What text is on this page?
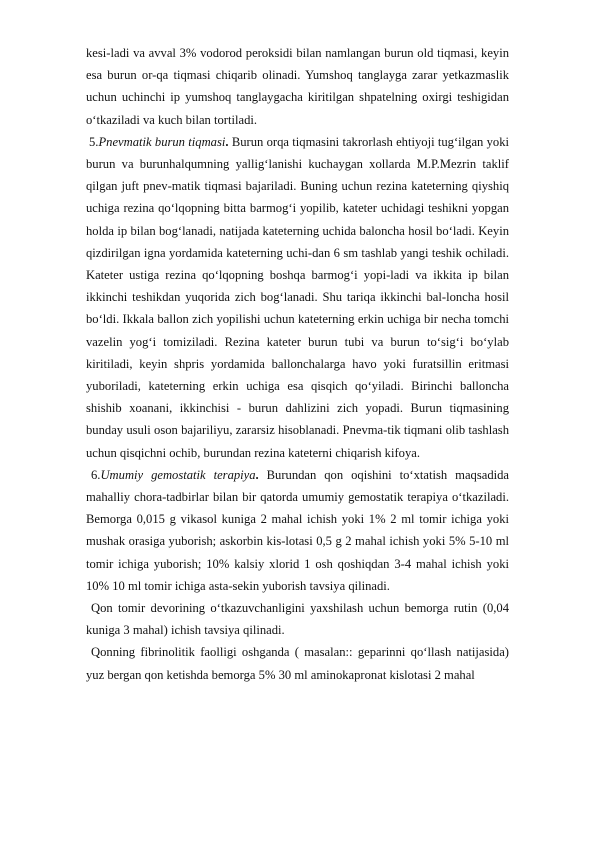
kesi-ladi va avval 3% vodorod peroksidi bilan namlangan burun old tiqmasi, keyin esa burun or-qa tiqmasi chiqarib olinadi. Yumshoq tanglayga zarar yetkazmaslik uchun uchinchi ip yumshoq tanglaygacha kiritilgan shpatelning oxirgi teshigidan o‘tkaziladi va kuch bilan tortiladi.

5.Pnevmatik burun tiqmasi. Burun orqa tiqmasini takrorlash ehtiyoji tug‘ilgan yoki burun va burunhalqumning yallig‘lanishi kuchaygan xollarda M.P.Mezrin taklif qilgan juft pnev-matik tiqmasi bajariladi. Buning uchun rezina kateterning qiyshiq uchiga rezina qo‘lqopning bitta barmog‘i yopilib, kateter uchidagi teshikni yopgan holda ip bilan bog‘lanadi, natijada kateterning uchida baloncha hosil bo‘ladi. Keyin qizdirilgan igna yordamida kateterning uchi-dan 6 sm tashlab yangi teshik ochiladi. Kateter ustiga rezina qo‘lqopning boshqa barmog‘i yopi-ladi va ikkita ip bilan ikkinchi teshikdan yuqorida zich bog‘lanadi. Shu tariqa ikkinchi bal-loncha hosil bo‘ldi. Ikkala ballon zich yopilishi uchun kateterning erkin uchiga bir necha tomchi vazelin yog‘i tomiziladi. Rezina kateter burun tubi va burun to‘sig‘i bo‘ylab kiritiladi, keyin shpris yordamida ballonchalarga havo yoki furatsillin eritmasi yuboriladi, kateterning erkin uchiga esa qisqich qo‘yiladi. Birinchi balloncha shishib xoanani, ikkinchisi - burun dahlizini zich yopadi. Burun tiqmasining bunday usuli oson bajariliyu, zararsiz hisoblanadi. Pnevma-tik tiqmani olib tashlash uchun qisqichni ochib, burundan rezina kateterni chiqarish kifoya.

6.Umumiy gemostatik terapiya. Burundan qon oqishini to‘xtatish maqsadida mahalliy chora-tadbirlar bilan bir qatorda umumiy gemostatik terapiya o‘tkaziladi. Bemorga 0,015 g vikasol kuniga 2 mahal ichish yoki 1% 2 ml tomir ichiga yoki mushak orasiga yuborish; askorbin kis-lotasi 0,5 g 2 mahal ichish yoki 5% 5-10 ml tomir ichiga yuborish; 10% kalsiy xlorid 1 osh qoshiqdan 3-4 mahal ichish yoki 10% 10 ml tomir ichiga asta-sekin yuborish tavsiya qilinadi.

Qon tomir devorining o‘tkazuvchanligini yaxshilash uchun bemorga rutin (0,04 kuniga 3 mahal) ichish tavsiya qilinadi.

Qonning fibrinolitik faolligi oshganda ( masalan:: geparinni qo‘llash natijasida) yuz bergan qon ketishda bemorga 5% 30 ml aminokapronat kislotasi 2 mahal
